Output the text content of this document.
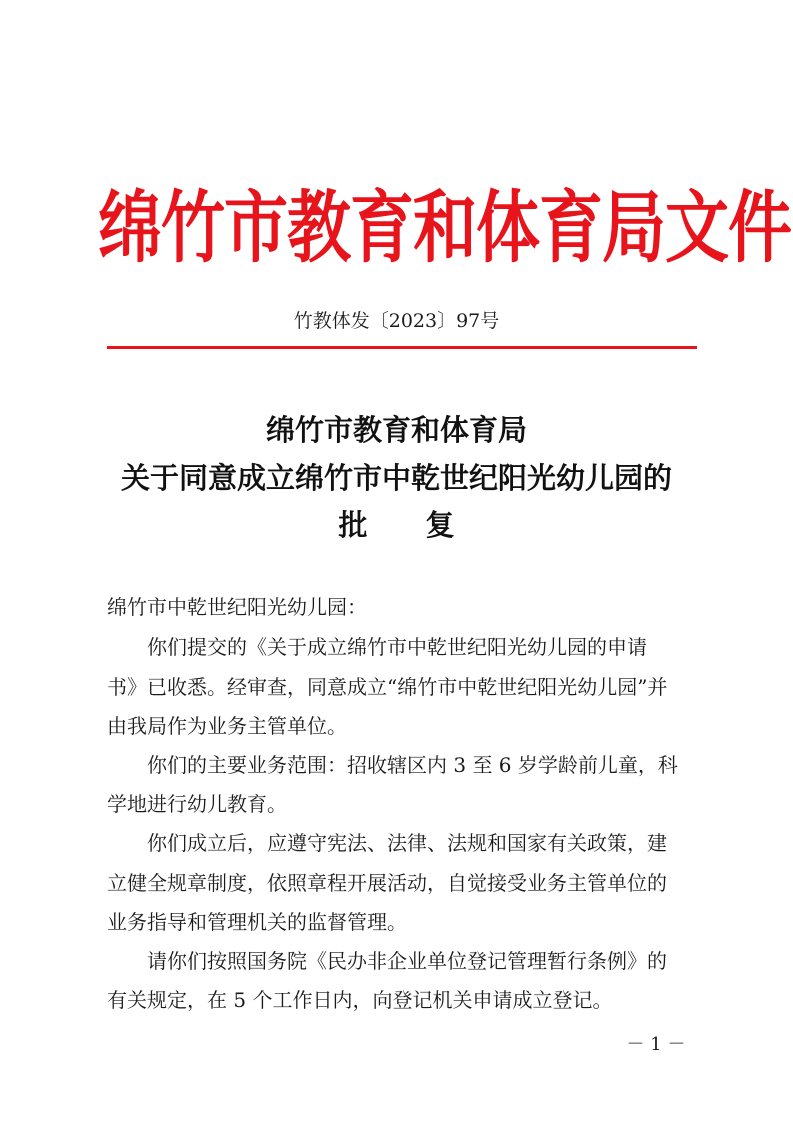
绵竹市教育和体育局文件
竹教体发〔2023〕97号
绵竹市教育和体育局
关于同意成立绵竹市中乾世纪阳光幼儿园的
批 复
绵竹市中乾世纪阳光幼儿园：
你们提交的《关于成立绵竹市中乾世纪阳光幼儿园的申请
书》已收悉。经审查，同意成立“绵竹市中乾世纪阳光幼儿园”并
由我局作为业务主管单位。
你们的主要业务范围：招收辖区内 3 至 6 岁学龄前儿童，科
学地进行幼儿教育。
你们成立后，应遵守宪法、法律、法规和国家有关政策，建
立健全规章制度，依照章程开展活动，自觉接受业务主管单位的
业务指导和管理机关的监督管理。
请你们按照国务院《民办非企业单位登记管理暂行条例》的
有关规定，在 5 个工作日内，向登记机关申请成立登记。
－ 1 －
